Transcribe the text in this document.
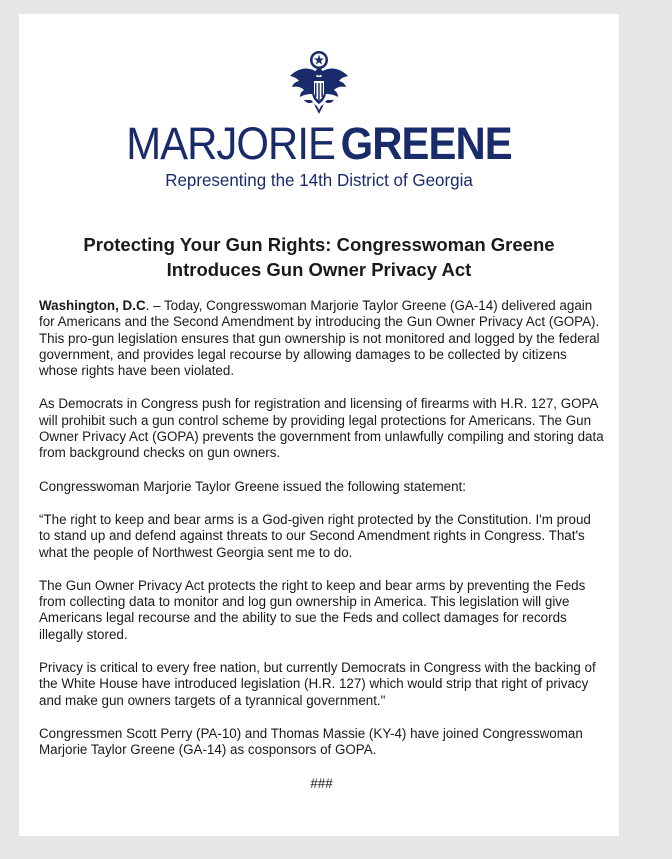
MARJORIE GREENE
Representing the 14th District of Georgia
Protecting Your Gun Rights: Congresswoman Greene
Introduces Gun Owner Privacy Act

Washington, D.C. – Today, Congresswoman Marjorie Taylor Greene (GA-14) delivered again for Americans and the Second Amendment by introducing the Gun Owner Privacy Act (GOPA). This pro-gun legislation ensures that gun ownership is not monitored and logged by the federal government, and provides legal recourse by allowing damages to be collected by citizens whose rights have been violated.

As Democrats in Congress push for registration and licensing of firearms with H.R. 127, GOPA will prohibit such a gun control scheme by providing legal protections for Americans. The Gun Owner Privacy Act (GOPA) prevents the government from unlawfully compiling and storing data from background checks on gun owners.

Congresswoman Marjorie Taylor Greene issued the following statement:

“The right to keep and bear arms is a God-given right protected by the Constitution. I'm proud to stand up and defend against threats to our Second Amendment rights in Congress. That's what the people of Northwest Georgia sent me to do.

The Gun Owner Privacy Act protects the right to keep and bear arms by preventing the Feds from collecting data to monitor and log gun ownership in America. This legislation will give Americans legal recourse and the ability to sue the Feds and collect damages for records illegally stored.

Privacy is critical to every free nation, but currently Democrats in Congress with the backing of the White House have introduced legislation (H.R. 127) which would strip that right of privacy and make gun owners targets of a tyrannical government."

Congressmen Scott Perry (PA-10) and Thomas Massie (KY-4) have joined Congresswoman Marjorie Taylor Greene (GA-14) as cosponsors of GOPA.

###
